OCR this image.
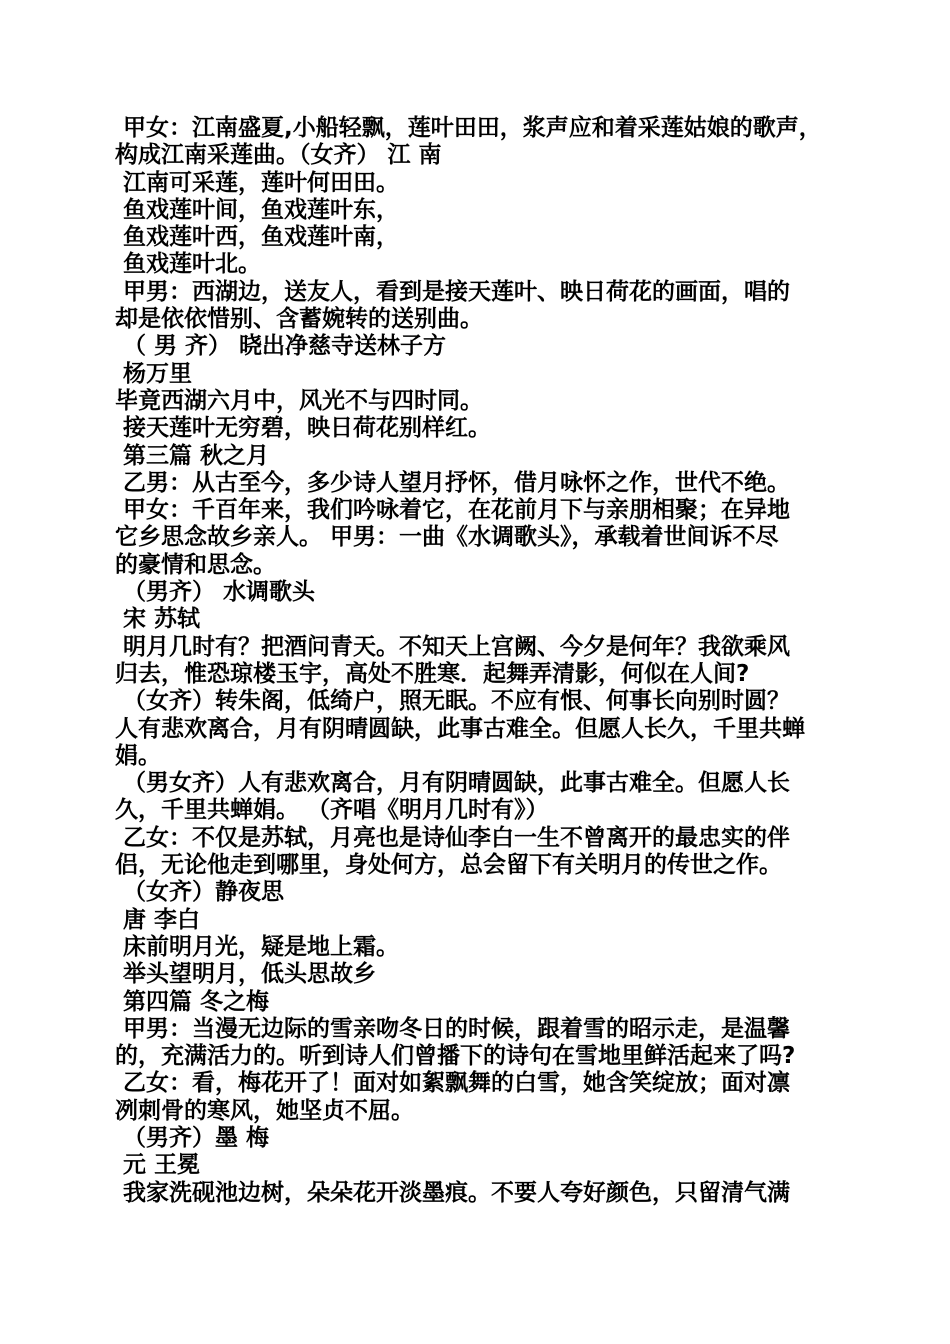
甲女：江南盛夏,小船轻飘，莲叶田田，浆声应和着采莲姑娘的歌声，
构成江南采莲曲。（女齐） 江 南
江南可采莲，莲叶何田田。
鱼戏莲叶间，鱼戏莲叶东，
鱼戏莲叶西，鱼戏莲叶南，
鱼戏莲叶北。
甲男：西湖边，送友人，看到是接天莲叶、映日荷花的画面，唱的
却是依依惜别、含蓄婉转的送别曲。
（ 男 齐） 晓出净慈寺送林子方
杨万里
毕竟西湖六月中，风光不与四时同。
接天莲叶无穷碧，映日荷花别样红。
第三篇 秋之月
乙男：从古至今，多少诗人望月抒怀，借月咏怀之作，世代不绝。
甲女：千百年来，我们吟咏着它，在花前月下与亲朋相聚；在异地
它乡思念故乡亲人。 甲男：一曲《水调歌头》，承载着世间诉不尽
的豪情和思念。
（男齐） 水调歌头
宋 苏轼
明月几时有？把酒问青天。不知天上宫阙、今夕是何年？我欲乘风
归去，惟恐琼楼玉宇，高处不胜寒．起舞弄清影，何似在人间?
（女齐）转朱阁，低绮户，照无眠。不应有恨、何事长向别时圆？
人有悲欢离合，月有阴晴圆缺，此事古难全。但愿人长久，千里共蝉
娟。
（男女齐）人有悲欢离合，月有阴晴圆缺，此事古难全。但愿人长
久，千里共蝉娟。 （齐唱《明月几时有》）
乙女：不仅是苏轼，月亮也是诗仙李白一生不曾离开的最忠实的伴
侣，无论他走到哪里，身处何方，总会留下有关明月的传世之作。
（女齐）静夜思
唐 李白
床前明月光，疑是地上霜。
举头望明月，低头思故乡
第四篇 冬之梅
甲男：当漫无边际的雪亲吻冬日的时候，跟着雪的昭示走，是温馨
的，充满活力的。听到诗人们曾播下的诗句在雪地里鲜活起来了吗?
乙女：看，梅花开了！面对如絮飘舞的白雪，她含笑绽放；面对凛
冽刺骨的寒风，她坚贞不屈。
（男齐）墨 梅
元 王冕
我家洗砚池边树，朵朵花开淡墨痕。不要人夸好颜色，只留清气满
